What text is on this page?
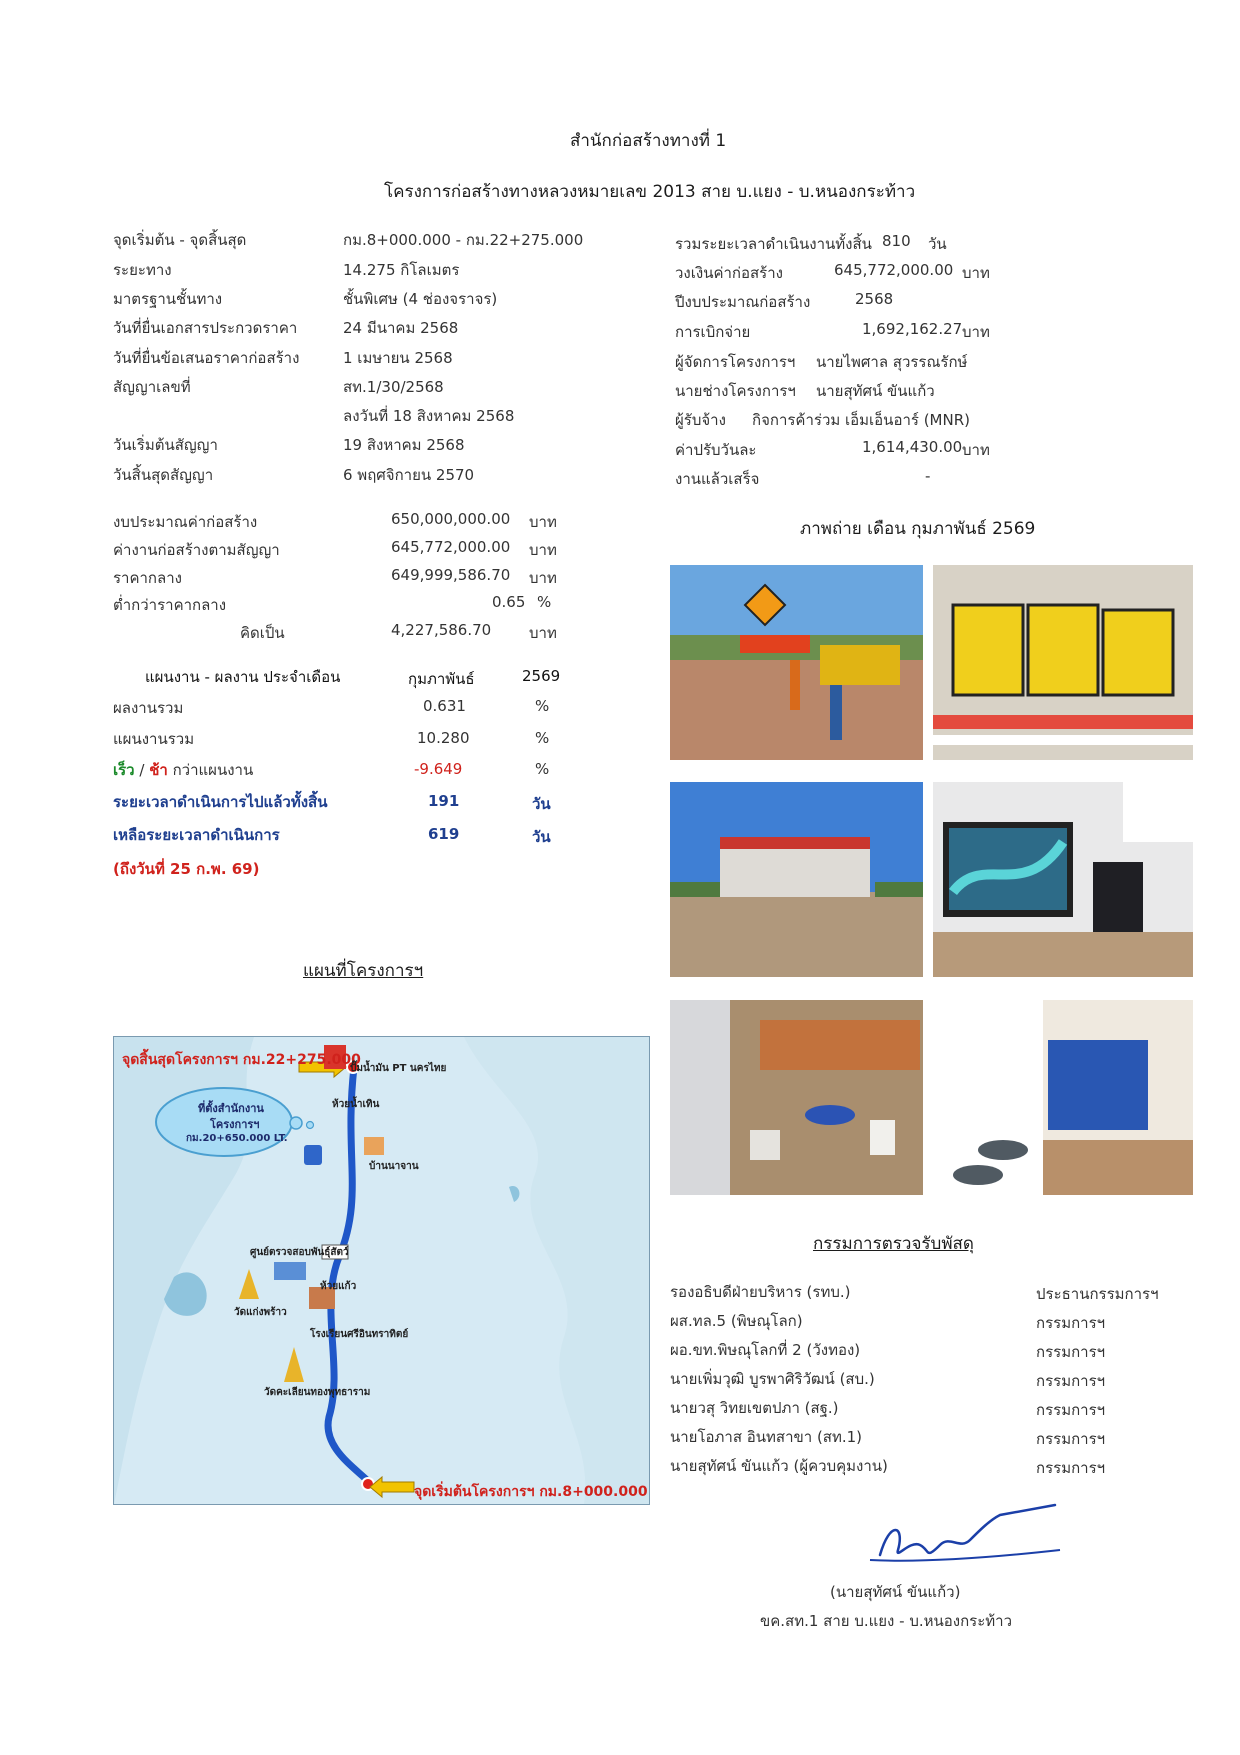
สำนักก่อสร้างทางที่ 1
โครงการก่อสร้างทางหลวงหมายเลข 2013 สาย บ.แยง - บ.หนองกระท้าว
จุดเริ่มต้น - จุดสิ้นสุด	กม.8+000.000 - กม.22+275.000
ระยะทาง	14.275 กิโลเมตร
มาตรฐานชั้นทาง	ชั้นพิเศษ (4 ช่องจราจร)
วันที่ยื่นเอกสารประกวดราคา	24 มีนาคม 2568
วันที่ยื่นข้อเสนอราคาก่อสร้าง	1 เมษายน 2568
สัญญาเลขที่	สท.1/30/2568
ลงวันที่ 18 สิงหาคม 2568
วันเริ่มต้นสัญญา	19 สิงหาคม 2568
วันสิ้นสุดสัญญา	6 พฤศจิกายน 2570
รวมระยะเวลาดำเนินงานทั้งสิ้น 810 วัน
วงเงินค่าก่อสร้าง	645,772,000.00 บาท
ปีงบประมาณก่อสร้าง	2568
การเบิกจ่าย	1,692,162.27 บาท
ผู้จัดการโครงการฯ นายไพศาล สุวรรณรักษ์
นายช่างโครงการฯ นายสุทัศน์ ขันแก้ว
ผู้รับจ้าง กิจการค้าร่วม เอ็มเอ็นอาร์ (MNR)
ค่าปรับวันละ	1,614,430.00 บาท
งานแล้วเสร็จ	-
งบประมาณค่าก่อสร้าง	650,000,000.00 บาท
ค่างานก่อสร้างตามสัญญา	645,772,000.00 บาท
ราคากลาง	649,999,586.70 บาท
ต่ำกว่าราคากลาง	0.65 %
คิดเป็น	4,227,586.70	บาท
แผนงาน - ผลงาน ประจำเดือน	กุมภาพันธ์	2569
ผลงานรวม	0.631	%
แผนงานรวม	10.280	%
เร็ว / ช้า กว่าแผนงาน	-9.649	%
ระยะเวลาดำเนินการไปแล้วทั้งสิ้น	191	วัน
เหลือระยะเวลาดำเนินการ	619	วัน
(ถึงวันที่ 25 ก.พ. 69)
แผนที่โครงการฯ
จุดสิ้นสุดโครงการฯ กม.22+275.000
จุดเริ่มต้นโครงการฯ กม.8+000.000
ที่ตั้งสำนักงาน
โครงการฯ
กม.20+650.000 LT.
ปั๊มน้ำมัน PT นครไทย
ห้วยน้ำเทิน
บ้านนาจาน
ศูนย์ตรวจสอบพันธุ์สัตว์
ห้วยแก้ว
วัดแก่งพร้าว
โรงเรียนศรีอินทราทิตย์
วัดคะเลียนทองพุทธาราม
ภาพถ่าย เดือน กุมภาพันธ์ 2569
กรรมการตรวจรับพัสดุ
รองอธิบดีฝ่ายบริหาร (รทบ.)	ประธานกรรมการฯ
ผส.ทล.5 (พิษณุโลก)	กรรมการฯ
ผอ.ขท.พิษณุโลกที่ 2 (วังทอง)	กรรมการฯ
นายเพิ่มวุฒิ บูรพาศิริวัฒน์ (สบ.)	กรรมการฯ
นายวสุ วิทยเขตปภา (สฐ.)	กรรมการฯ
นายโอภาส อินทสาขา (สท.1)	กรรมการฯ
นายสุทัศน์ ขันแก้ว (ผู้ควบคุมงาน)	กรรมการฯ
(นายสุทัศน์ ขันแก้ว)
ขค.สท.1 สาย บ.แยง - บ.หนองกระท้าว
